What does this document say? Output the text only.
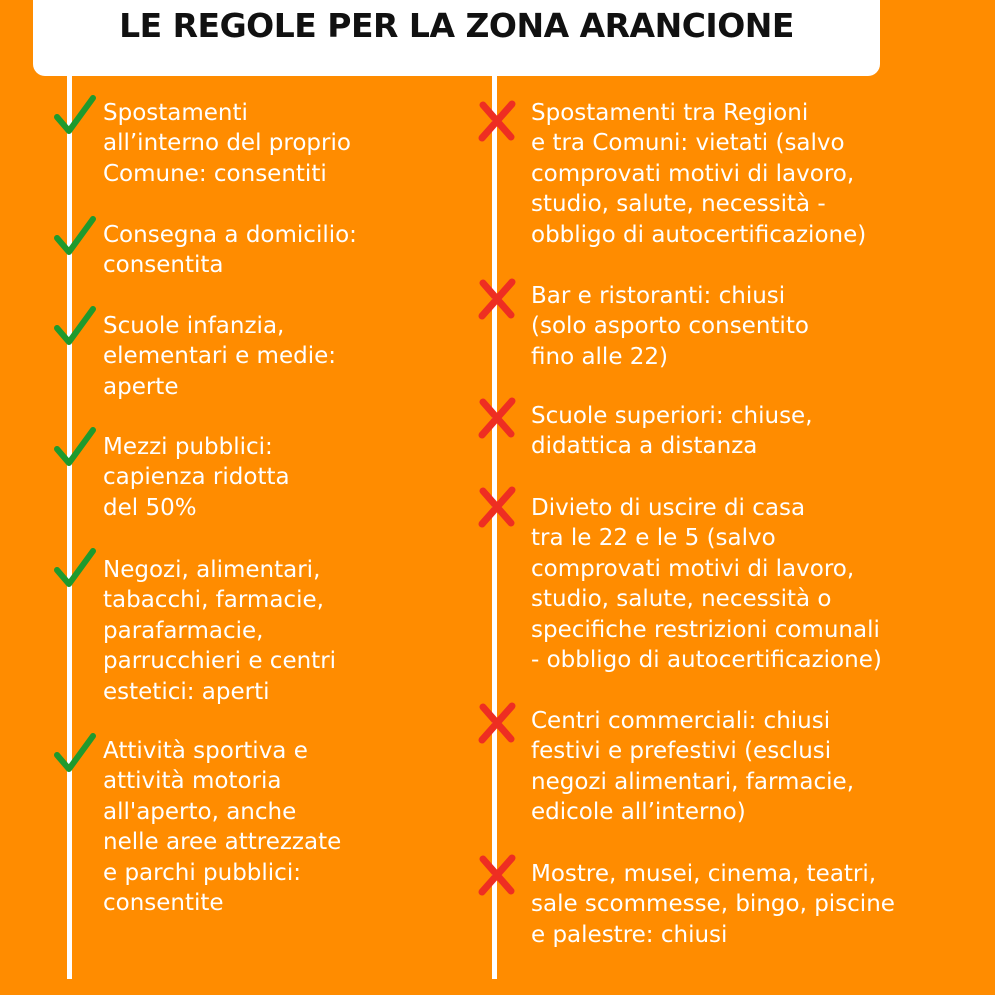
LE REGOLE PER LA ZONA ARANCIONE
Spostamenti
all’interno del proprio
Comune: consentiti
Consegna a domicilio:
consentita
Scuole infanzia,
elementari e medie:
aperte
Mezzi pubblici:
capienza ridotta
del 50%
Negozi, alimentari,
tabacchi, farmacie,
parafarmacie,
parrucchieri e centri
estetici: aperti
Attività sportiva e
attività motoria
all'aperto, anche
nelle aree attrezzate
e parchi pubblici:
consentite
Spostamenti tra Regioni
e tra Comuni: vietati (salvo
comprovati motivi di lavoro,
studio, salute, necessità -
obbligo di autocertificazione)
Bar e ristoranti: chiusi
(solo asporto consentito
fino alle 22)
Scuole superiori: chiuse,
didattica a distanza
Divieto di uscire di casa
tra le 22 e le 5 (salvo
comprovati motivi di lavoro,
studio, salute, necessità o
specifiche restrizioni comunali
- obbligo di autocertificazione)
Centri commerciali: chiusi
festivi e prefestivi (esclusi
negozi alimentari, farmacie,
edicole all’interno)
Mostre, musei, cinema, teatri,
sale scommesse, bingo, piscine
e palestre: chiusi
